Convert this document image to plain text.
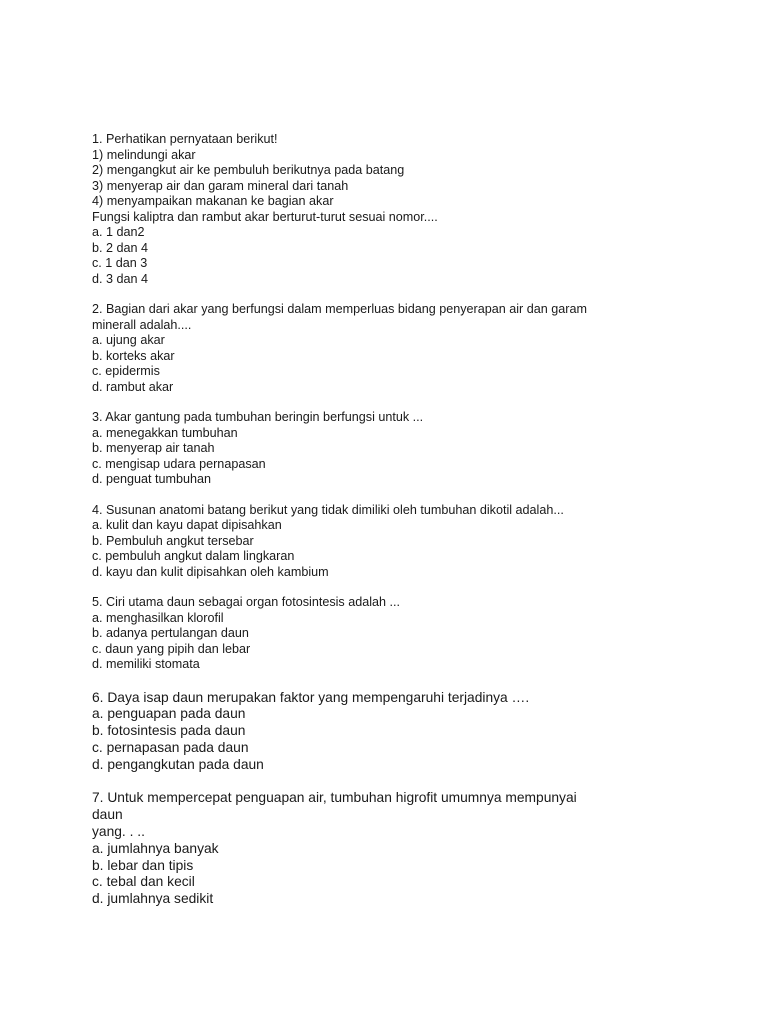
1. Perhatikan pernyataan berikut!
1) melindungi akar
2) mengangkut air ke pembuluh berikutnya pada batang
3) menyerap air dan garam mineral dari tanah
4) menyampaikan makanan ke bagian akar
Fungsi kaliptra dan rambut akar berturut-turut sesuai nomor....
a. 1 dan2
b. 2 dan 4
c. 1 dan 3
d. 3 dan 4
2. Bagian dari akar yang berfungsi dalam memperluas bidang penyerapan air dan garam
minerall adalah....
a. ujung akar
b. korteks akar
c. epidermis
d. rambut akar
3. Akar gantung pada tumbuhan beringin berfungsi untuk ...
a. menegakkan tumbuhan
b. menyerap air tanah
c. mengisap udara pernapasan
d. penguat tumbuhan
4. Susunan anatomi batang berikut yang tidak dimiliki oleh tumbuhan dikotil adalah...
a. kulit dan kayu dapat dipisahkan
b. Pembuluh angkut tersebar
c. pembuluh angkut dalam lingkaran
d. kayu dan kulit dipisahkan oleh kambium
5. Ciri utama daun sebagai organ fotosintesis adalah ...
a. menghasilkan klorofil
b. adanya pertulangan daun
c. daun yang pipih dan lebar
d. memiliki stomata
6. Daya isap daun merupakan faktor yang mempengaruhi terjadinya ….
a. penguapan pada daun
b. fotosintesis pada daun
c. pernapasan pada daun
d. pengangkutan pada daun
7. Untuk mempercepat penguapan air, tumbuhan higrofit umumnya mempunyai
daun
yang. . ..
a. jumlahnya banyak
b. lebar dan tipis
c. tebal dan kecil
d. jumlahnya sedikit
